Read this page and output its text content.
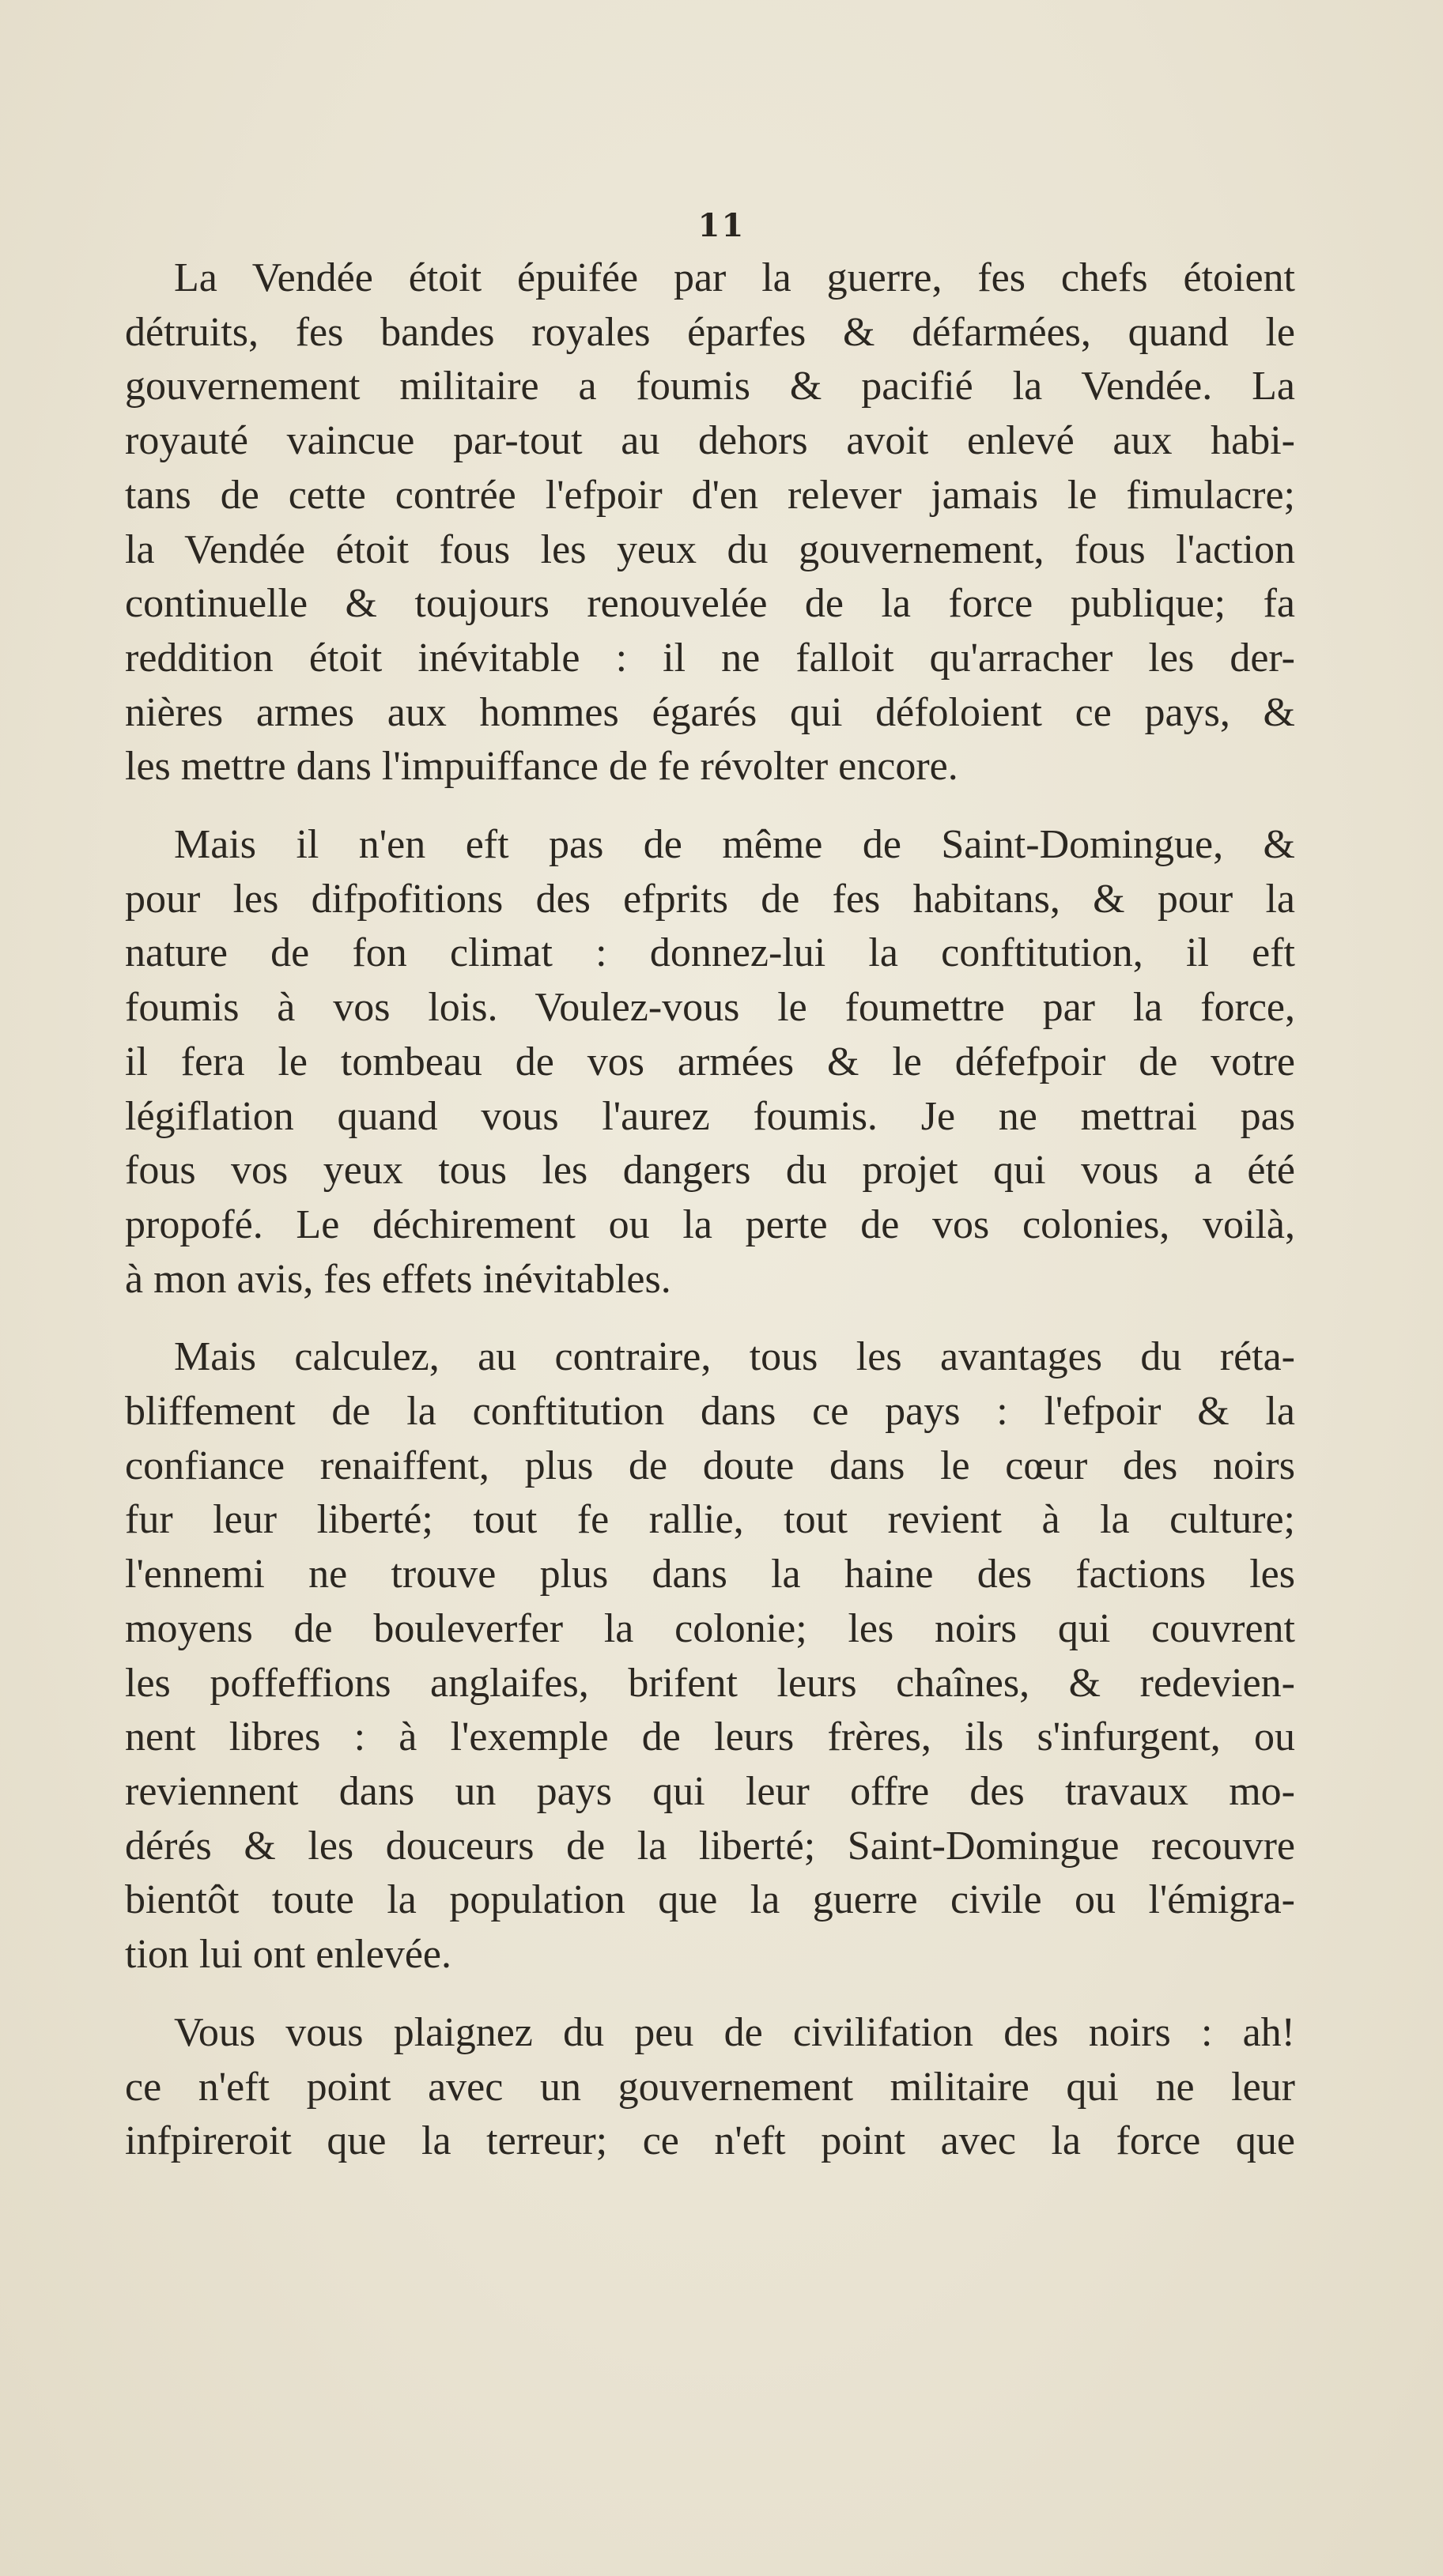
11

La Vendée étoit épuifée par la guerre, fes chefs étoient
détruits, fes bandes royales éparfes & défarmées, quand le
gouvernement militaire a foumis & pacifié la Vendée. La
royauté vaincue par-tout au dehors avoit enlevé aux habi-
tans de cette contrée l'efpoir d'en relever jamais le fimulacre;
la Vendée étoit fous les yeux du gouvernement, fous l'action
continuelle & toujours renouvelée de la force publique; fa
reddition étoit inévitable : il ne falloit qu'arracher les der-
nières armes aux hommes égarés qui défoloient ce pays, &
les mettre dans l'impuiffance de fe révolter encore.

Mais il n'en eft pas de même de Saint-Domingue, &
pour les difpofitions des efprits de fes habitans, & pour la
nature de fon climat : donnez-lui la conftitution, il eft
foumis à vos lois. Voulez-vous le foumettre par la force,
il fera le tombeau de vos armées & le défefpoir de votre
légiflation quand vous l'aurez foumis. Je ne mettrai pas
fous vos yeux tous les dangers du projet qui vous a été
propofé. Le déchirement ou la perte de vos colonies, voilà,
à mon avis, fes effets inévitables.

Mais calculez, au contraire, tous les avantages du réta-
bliffement de la conftitution dans ce pays : l'efpoir & la
confiance renaiffent, plus de doute dans le cœur des noirs
fur leur liberté; tout fe rallie, tout revient à la culture;
l'ennemi ne trouve plus dans la haine des factions les
moyens de bouleverfer la colonie; les noirs qui couvrent
les poffeffions anglaifes, brifent leurs chaînes, & redevien-
nent libres : à l'exemple de leurs frères, ils s'infurgent, ou
reviennent dans un pays qui leur offre des travaux mo-
dérés & les douceurs de la liberté; Saint-Domingue recouvre
bientôt toute la population que la guerre civile ou l'émigra-
tion lui ont enlevée.

Vous vous plaignez du peu de civilifation des noirs : ah!
ce n'eft point avec un gouvernement militaire qui ne leur
infpireroit que la terreur; ce n'eft point avec la force que
